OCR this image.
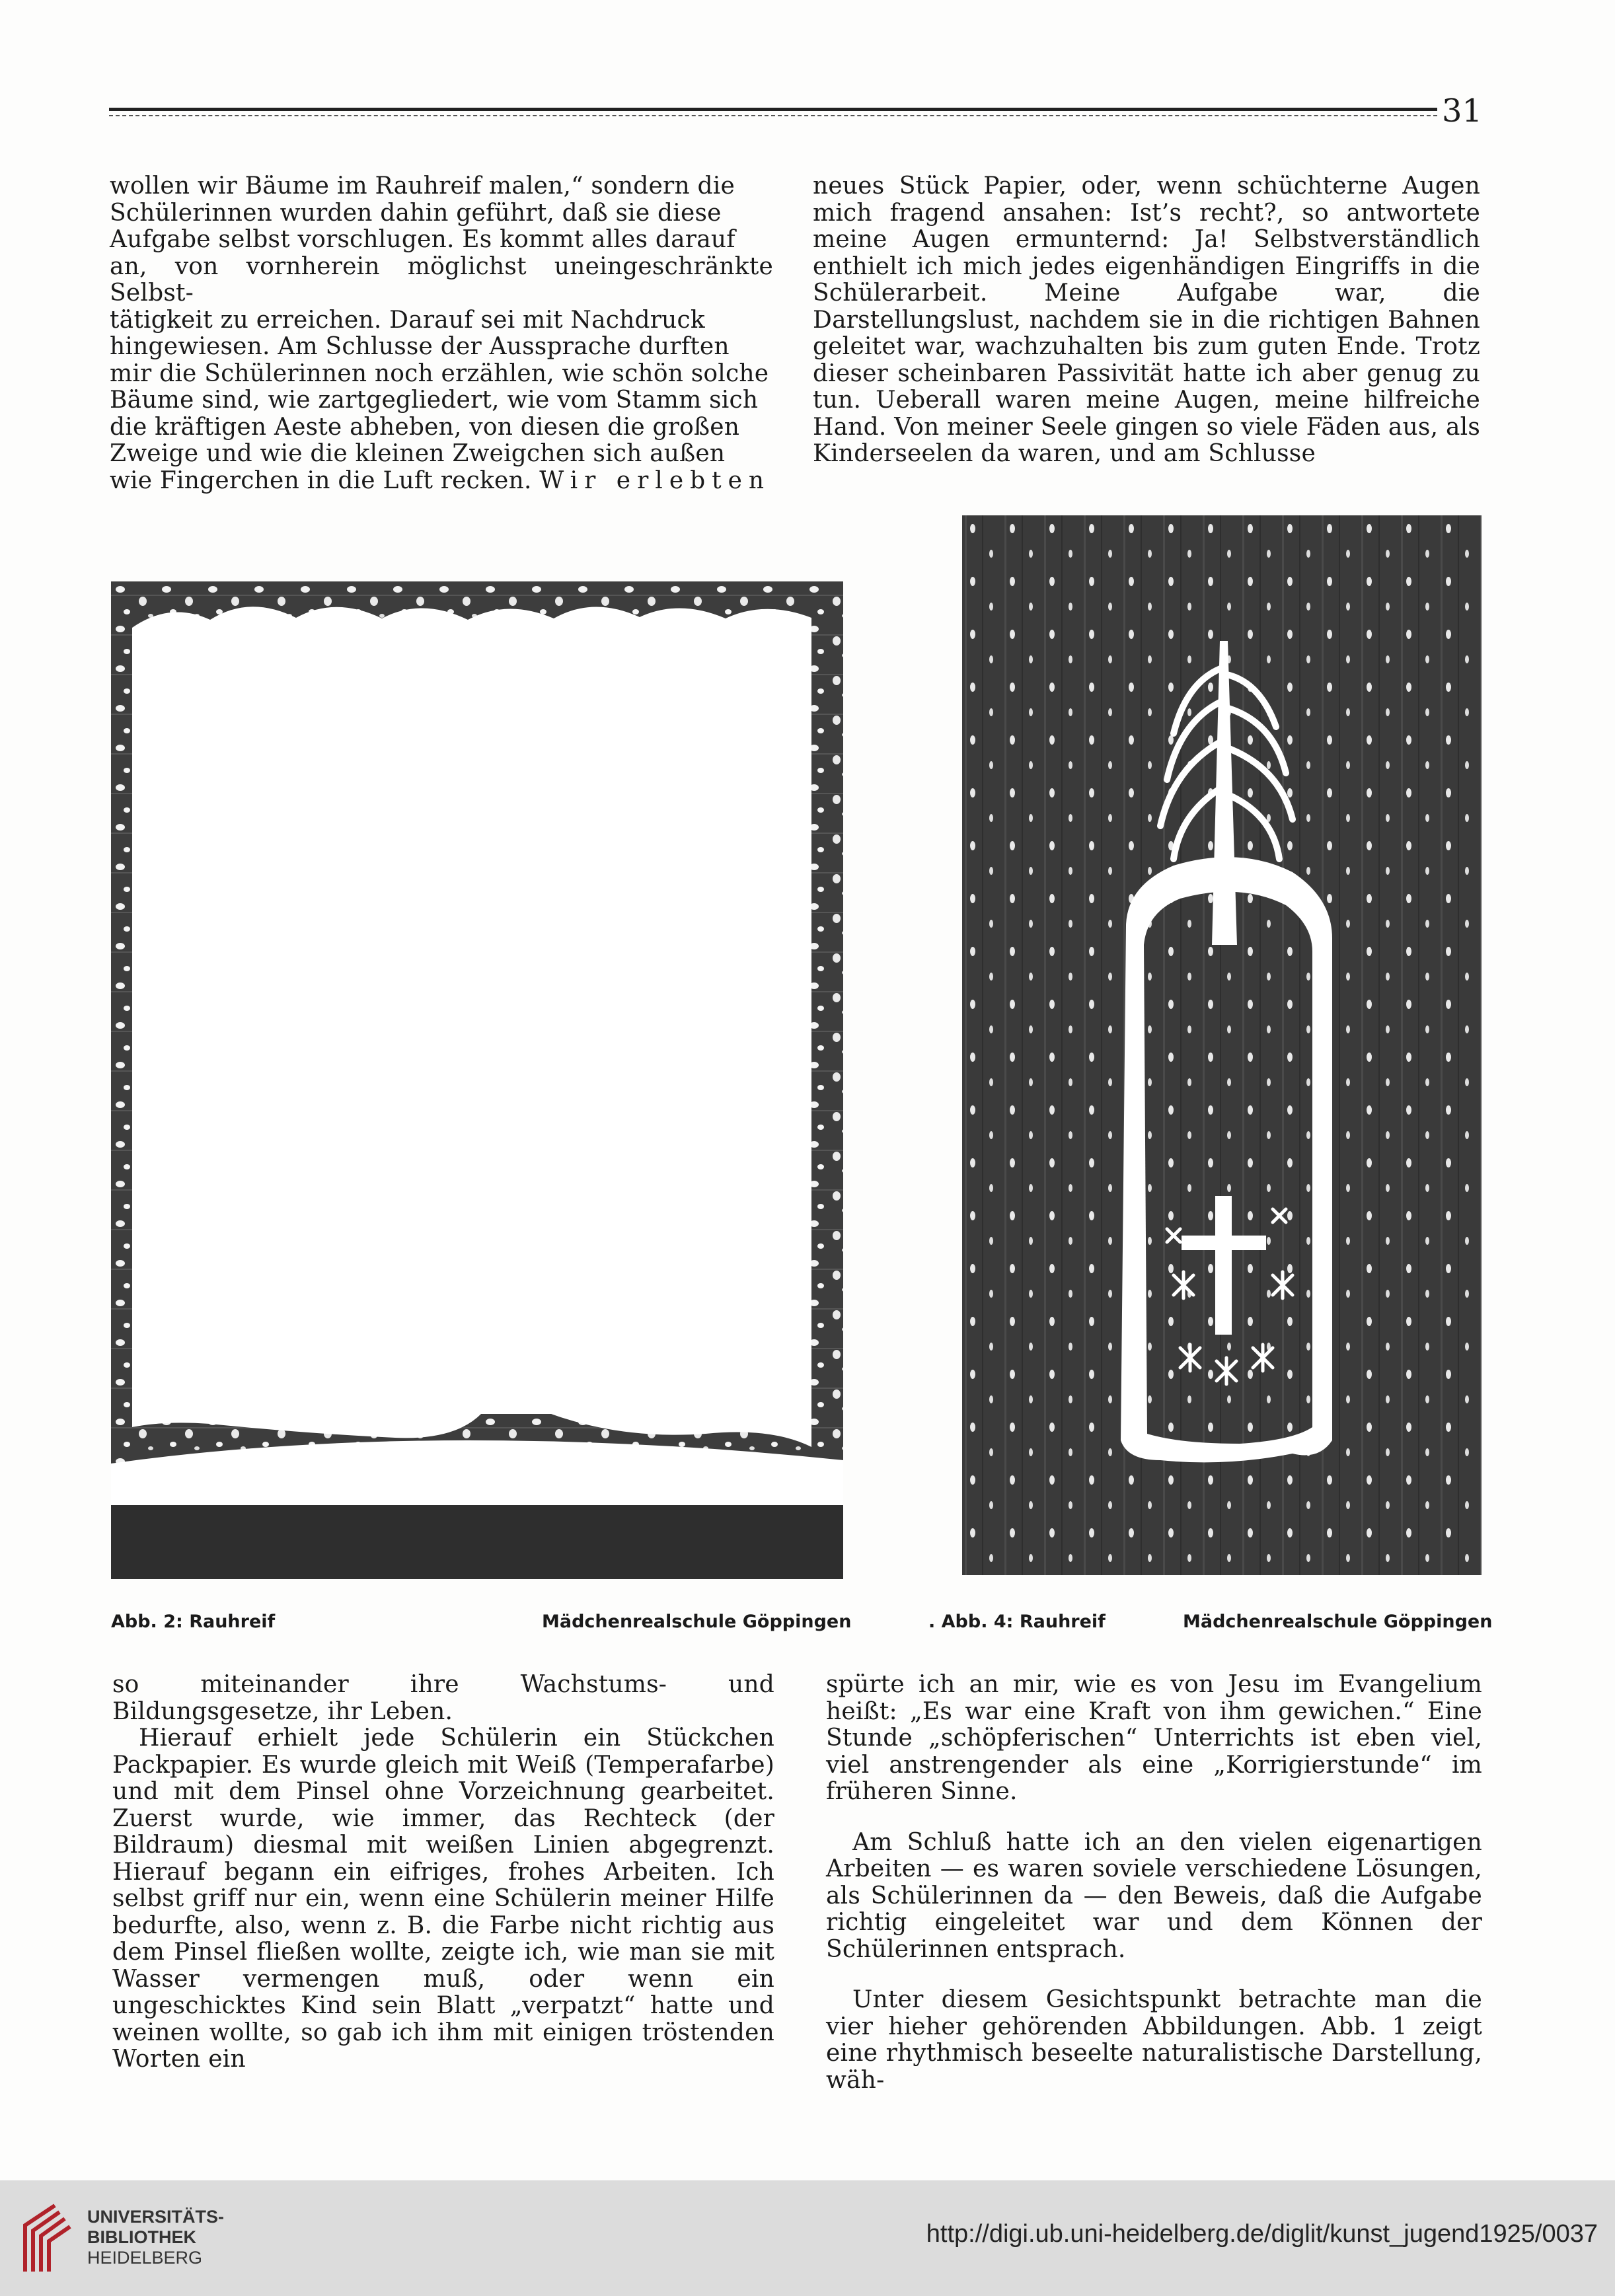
31

wollen wir Bäume im Rauhreif malen,“ sondern die

Schülerinnen wurden dahin geführt, daß sie diese

Aufgabe selbst vorschlugen. Es kommt alles darauf

an, von vornherein möglichst uneingeschränkte Selbst-

tätigkeit zu erreichen. Darauf sei mit Nachdruck

hingewiesen. Am Schlusse der Aussprache durften

mir die Schülerinnen noch erzählen, wie schön solche

Bäume sind, wie zartgegliedert, wie vom Stamm sich

die kräftigen Aeste abheben, von diesen die großen

Zweige und wie die kleinen Zweigchen sich außen

wie Fingerchen in die Luft recken. Wir erlebten

neues Stück Papier, oder, wenn schüchterne Augen mich fragend ansahen: Ist’s recht?, so antwortete meine Augen ermunternd: Ja! Selbstverständlich enthielt ich mich jedes eigenhändigen Eingriffs in die Schülerarbeit. Meine Aufgabe war, die Darstellungslust, nachdem sie in die richtigen Bahnen geleitet war, wachzuhalten bis zum guten Ende. Trotz dieser scheinbaren Passivität hatte ich aber genug zu tun. Ueberall waren meine Augen, meine hilfreiche Hand. Von meiner Seele gingen so viele Fäden aus, als Kinderseelen da waren, und am Schlusse

Abb. 2: Rauhreif	Mädchenrealschule Göppingen	. Abb. 4: Rauhreif	Mädchenrealschule Göppingen

so miteinander ihre Wachstums- und Bildungsgesetze, ihr Leben.

Hierauf erhielt jede Schülerin ein Stückchen Packpapier. Es wurde gleich mit Weiß (Temperafarbe) und mit dem Pinsel ohne Vorzeichnung gearbeitet. Zuerst wurde, wie immer, das Rechteck (der Bildraum) diesmal mit weißen Linien abgegrenzt. Hierauf begann ein eifriges, frohes Arbeiten. Ich selbst griff nur ein, wenn eine Schülerin meiner Hilfe bedurfte, also, wenn z. B. die Farbe nicht richtig aus dem Pinsel fließen wollte, zeigte ich, wie man sie mit Wasser vermengen muß, oder wenn ein ungeschicktes Kind sein Blatt „verpatzt“ hatte und weinen wollte, so gab ich ihm mit einigen tröstenden Worten ein

spürte ich an mir, wie es von Jesu im Evangelium heißt: „Es war eine Kraft von ihm gewichen.“ Eine Stunde „schöpferischen“ Unterrichts ist eben viel, viel anstrengender als eine „Korrigierstunde“ im früheren Sinne.

Am Schluß hatte ich an den vielen eigenartigen Arbeiten — es waren soviele verschiedene Lösungen, als Schülerinnen da — den Beweis, daß die Aufgabe richtig eingeleitet war und dem Können der Schülerinnen entsprach.

Unter diesem Gesichtspunkt betrachte man die vier hieher gehörenden Abbildungen. Abb. 1 zeigt eine rhythmisch beseelte naturalistische Darstellung, wäh-

UNIVERSITÄTS-
BIBLIOTHEK
HEIDELBERG
http://digi.ub.uni-heidelberg.de/diglit/kunst_jugend1925/0037
